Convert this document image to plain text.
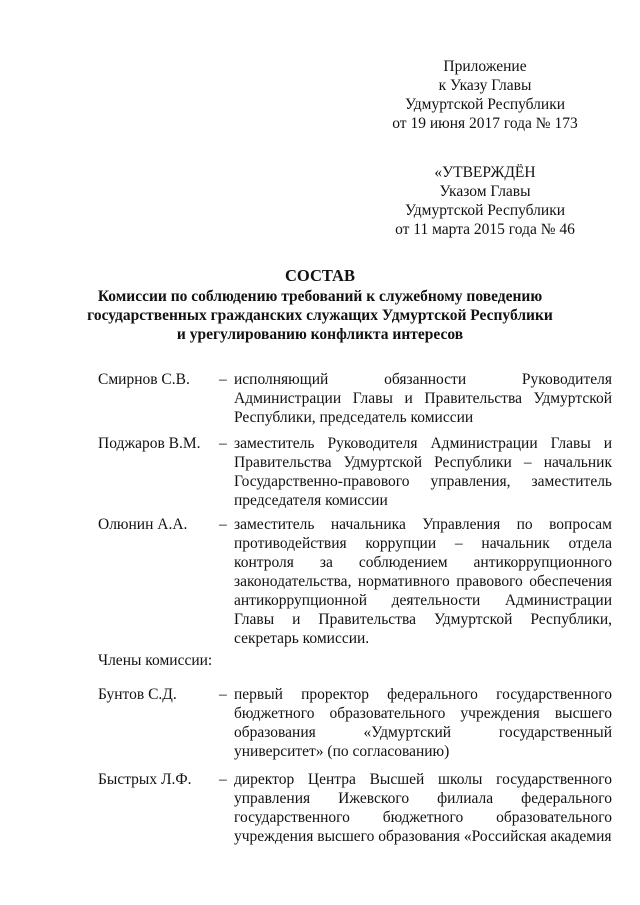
Приложение
к Указу Главы
Удмуртской Республики
от 19 июня 2017 года № 173
«УТВЕРЖДЁН
Указом Главы
Удмуртской Республики
от 11 марта 2015 года № 46
СОСТАВ
Комиссии по соблюдению требований к служебному поведению
государственных гражданских служащих Удмуртской Республики
и урегулированию конфликта интересов
Смирнов С.В.	– исполняющий обязанности Руководителя Администрации Главы и Правительства Удмуртской Республики, председатель комиссии
Поджаров В.М.	– заместитель Руководителя Администрации Главы и Правительства Удмуртской Республики – начальник Государственно-правового управления, заместитель председателя комиссии
Олюнин А.А.	– заместитель начальника Управления по вопросам противодействия коррупции – начальник отдела контроля за соблюдением антикоррупционного законодательства, нормативного правового обеспечения антикоррупционной деятельности Администрации Главы и Правительства Удмуртской Республики, секретарь комиссии.
Члены комиссии:
Бунтов С.Д.	– первый проректор федерального государственного бюджетного образовательного учреждения высшего образования «Удмуртский государственный университет» (по согласованию)
Быстрых Л.Ф.	– директор Центра Высшей школы государственного управления Ижевского филиала федерального государственного бюджетного образовательного учреждения высшего образования «Российская академия
